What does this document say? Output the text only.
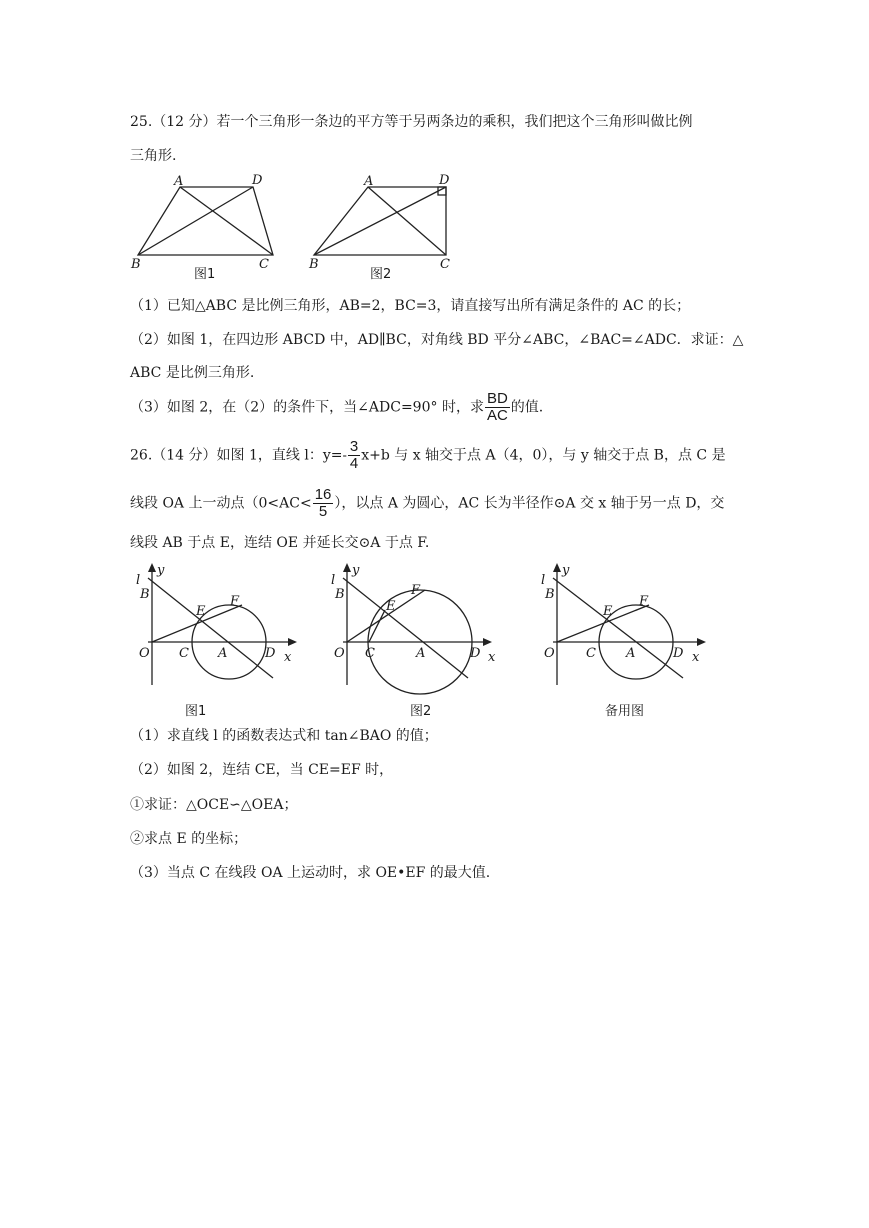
25.（12 分）若一个三角形一条边的平方等于另两条边的乘积，我们把这个三角形叫做比例
三角形.
A	D
B	C
图1
A	D
B	C
图2
（1）已知△ABC 是比例三角形，AB=2，BC=3，请直接写出所有满足条件的 AC 的长；
（2）如图 1，在四边形 ABCD 中，AD∥BC，对角线 BD 平分∠ABC，∠BAC=∠ADC．求证：△
ABC 是比例三角形.
（3）如图 2，在（2）的条件下，当∠ADC=90° 时，求 $\frac{BD}{AC}$ 的值.
26.（14 分）如图 1，直线 l：$y=- \frac{3}{4} x+b$ 与 x 轴交于点 A（4，0），与 y 轴交于点 B，点 C 是
线段 OA 上一动点（$0<AC< \frac{16}{5}$ ），以点 A 为圆心，AC 长为半径作⊙A 交 x 轴于另一点 D，交
线段 AB 于点 E，连结 OE 并延长交⊙A 于点 F.
l
y
B
E
F
O C A	D x
图1
l
y
B
E
F
O C	A	D x
图2
l
y
B
E
F
O C A	D x
备用图
（1）求直线 l 的函数表达式和 tan∠BAO 的值；
（2）如图 2，连结 CE，当 CE=EF 时，
①求证：△OCE∽△OEA；
②求点 E 的坐标；
（3）当点 C 在线段 OA 上运动时，求 OE•EF 的最大值.
